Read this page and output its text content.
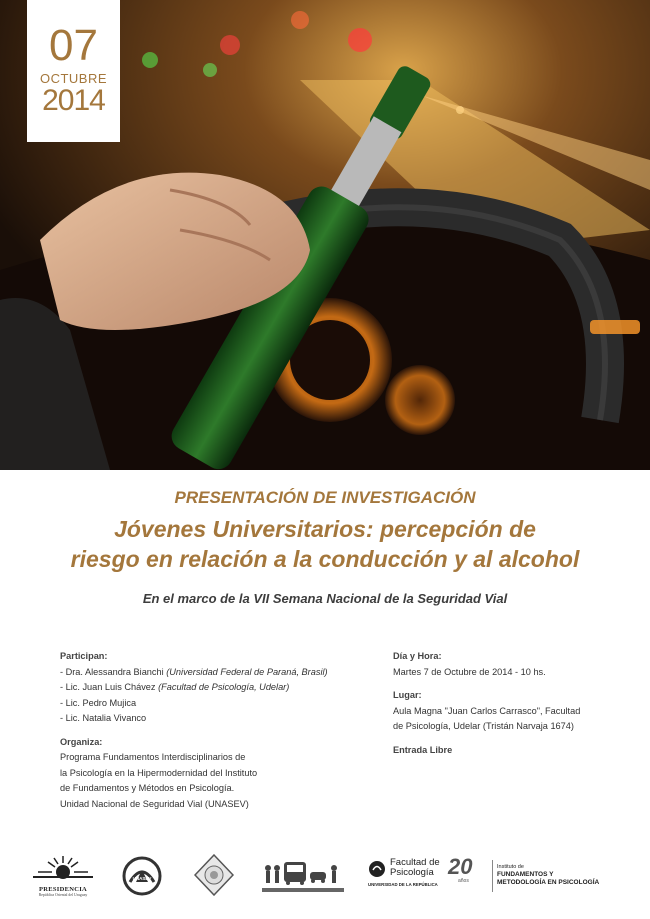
07
OCTUBRE
2014
PRESENTACIÓN DE INVESTIGACIÓN
Jóvenes Universitarios: percepción de
riesgo en relación a la conducción y al alcohol
En el marco de la VII Semana Nacional de la Seguridad Vial
Participan:
- Dra. Alessandra Bianchi (Universidad Federal de Paraná, Brasil)
- Lic. Juan Luis Chávez (Facultad de Psicología, Udelar)
- Lic. Pedro Mujica
- Lic. Natalia Vivanco
Organiza:
Programa Fundamentos Interdisciplinarios de
la Psicología en la Hipermodernidad del Instituto
de Fundamentos y Métodos en Psicología.
Unidad Nacional de Seguridad Vial (UNASEV)
Día y Hora:
Martes 7 de Octubre de 2014 - 10 hs.
Lugar:
Aula Magna "Juan Carlos Carrasco", Facultad
de Psicología, Udelar (Tristán Narvaja 1674)
Entrada Libre
PRESIDENCIA
República Oriental del Uruguay
UNASEV
Facultad de
Psicología
UNIVERSIDAD DE LA REPÚBLICA
20
años
Instituto de
FUNDAMENTOS Y
METODOLOGÍA EN PSICOLOGÍA
